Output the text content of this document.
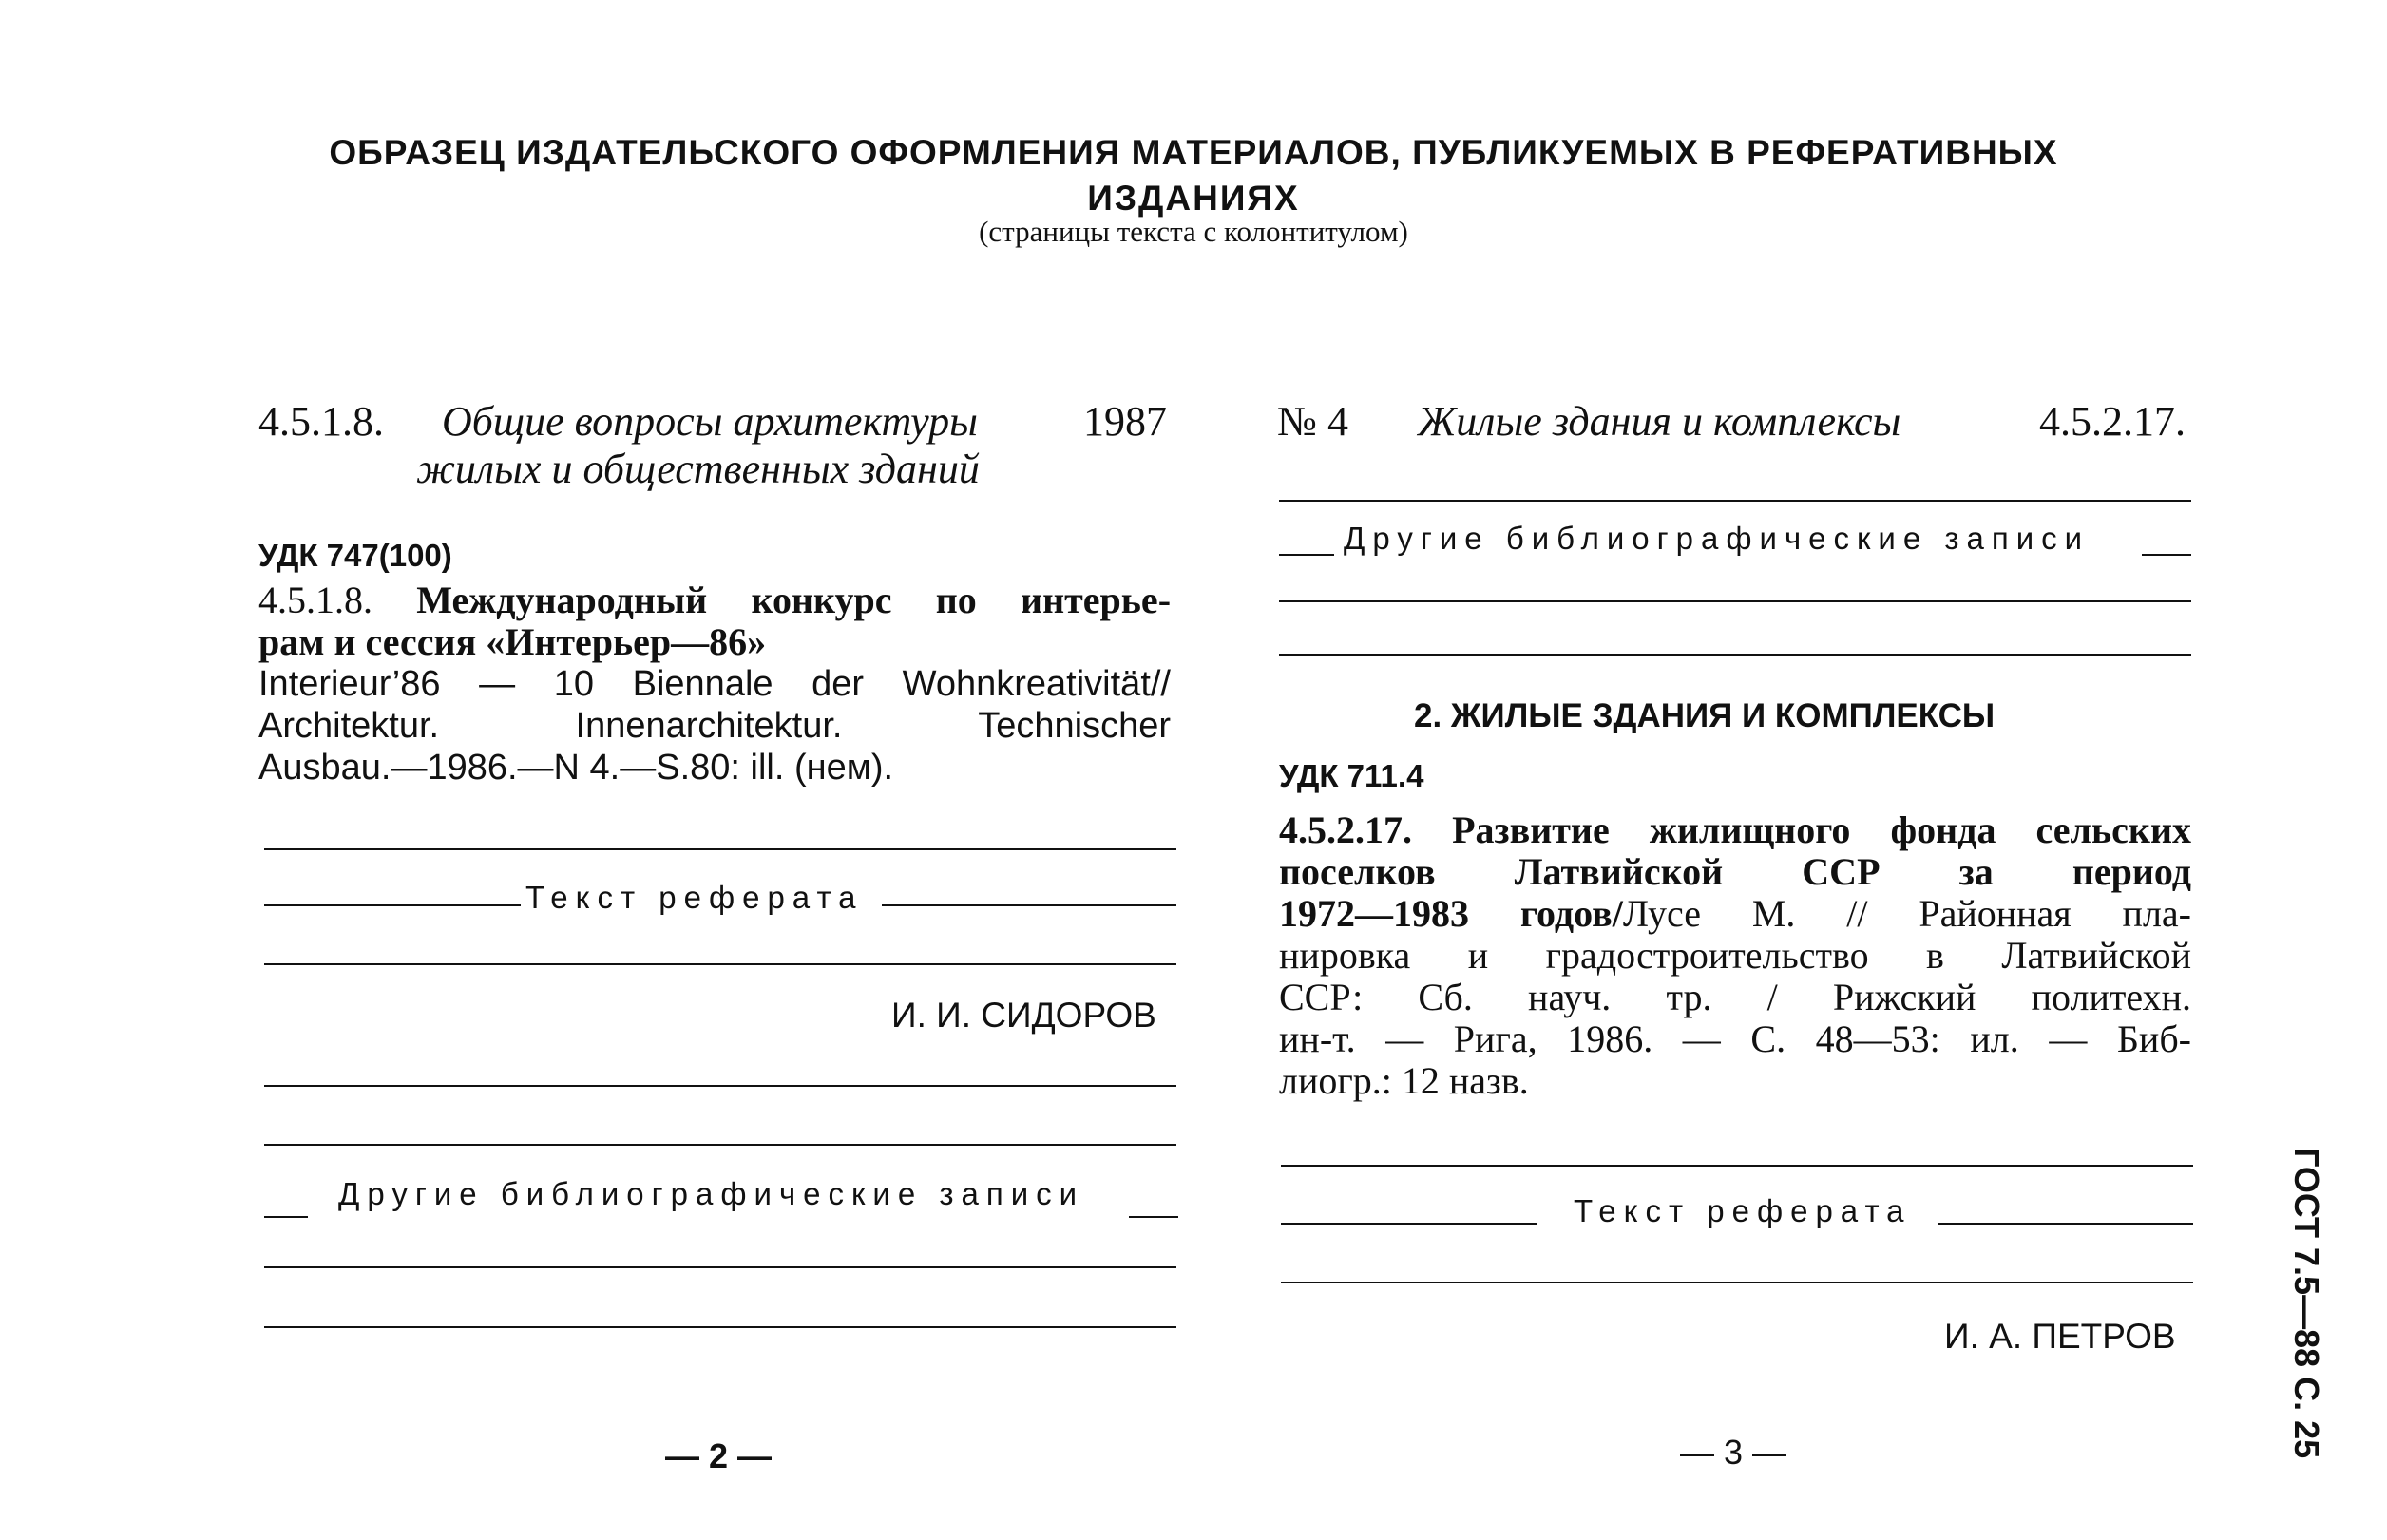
ОБРАЗЕЦ ИЗДАТЕЛЬСКОГО ОФОРМЛЕНИЯ МАТЕРИАЛОВ, ПУБЛИКУЕМЫХ В РЕФЕРАТИВНЫХ
ИЗДАНИЯХ
(страницы текста с колонтитулом)
4.5.1.8. Общие вопросы архитектуры
жилых и общественных зданий
1987
УДК 747(100)
4.5.1.8. Международный конкурс по интерье-
рам и сессия «Интерьер—86»
Interieur’86 — 10 Biennale der Wohnkreativität//
Architektur. Innenarchitektur. Technischer
Ausbau.—1986.—N 4.—S.80: ill. (нем).
Текст реферата
И. И. СИДОРОВ
Другие библиографические записи
— 2 —
№ 4 Жилые здания и комплексы	4.5.2.17.
Другие библиографические записи
2. ЖИЛЫЕ ЗДАНИЯ И КОМПЛЕКСЫ
УДК 711.4
4.5.2.17. Развитие жилищного фонда сельских
поселков Латвийской ССР за период
1972—1983 годов/Лусе М. // Районная пла-
нировка и градостроительство в Латвийской
ССР: Сб. науч. тр. / Рижский политехн.
ин-т. — Рига, 1986. — С. 48—53: ил. — Биб-
лиогр.: 12 назв.
Текст реферата
И. А. ПЕТРОВ
— 3 —	ГОСТ 7.5—88 С. 25
